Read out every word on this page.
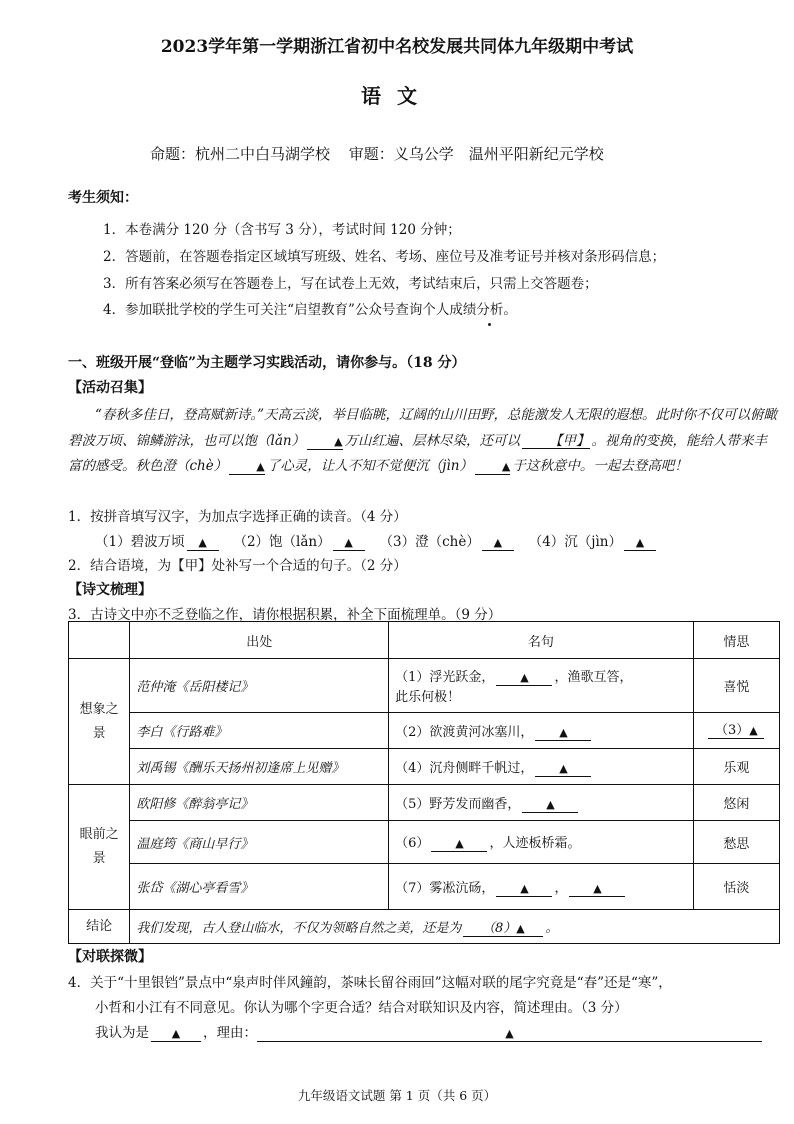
2023学年第一学期浙江省初中名校发展共同体九年级期中考试
语文
命题：杭州二中白马湖学校 审题：义乌公学　温州平阳新纪元学校
考生须知：
1．本卷满分 120 分（含书写 3 分），考试时间 120 分钟；
2．答题前，在答题卷指定区域填写班级、姓名、考场、座位号及准考证号并核对条形码信息；
3．所有答案必须写在答题卷上，写在试卷上无效，考试结束后，只需上交答题卷；
4．参加联批学校的学生可关注“启望教育”公众号查询个人成绩分析。
一、班级开展“登临”为主题学习实践活动，请你参与。（18 分）
【活动召集】
“春秋多佳日，登高赋新诗。”天高云淡，举目临眺，辽阔的山川田野，总能激发人无限的遐想。此时你不仅可以俯瞰碧波万顷、锦鳞游泳，也可以饱（lǎn）	▲ 万山红遍、层林尽染，还可以 【甲】 。视角的变换，能给人带来丰富的感受。秋色澄（chè）	▲ 了心灵，让人不知不觉便沉（jìn）	▲ 于这秋意中。一起去登高吧！
1．按拼音填写汉字，为加点字选择正确的读音。（4 分）
（1）碧波万顷 ▲ （2）饱（lǎn） ▲ （3）澄（chè） ▲ （4）沉（jìn） ▲
2．结合语境，为【甲】处补写一个合适的句子。（2 分）
【诗文梳理】
3．古诗文中亦不乏登临之作，请你根据积累，补全下面梳理单。（9 分）
	出处	名句	情思
想象之景	范仲淹《岳阳楼记》	（1）浮光跃金， ▲ ，渔歌互答，
此乐何极！	喜悦
	李白《行路难》	（2）欲渡黄河冰塞川， ▲	（3）▲
	刘禹锡《酬乐天扬州初逢席上见赠》	（4）沉舟侧畔千帆过， ▲	乐观
眼前之景	欧阳修《醉翁亭记》	（5）野芳发而幽香， ▲	悠闲
	温庭筠《商山早行》	（6） ▲ ，人迹板桥霜。	愁思
	张岱《湖心亭看雪》	（7）雾凇沆砀， ▲ ， ▲	恬淡
结论	我们发现，古人登山临水，不仅为领略自然之美，还是为 （8）▲ 。		
【对联探微】
4．关于“十里银铛”景点中“泉声时伴风鐘韵，茶味长留谷雨回”这幅对联的尾字究竟是“春”还是“寒”，
小哲和小江有不同意见。你认为哪个字更合适？结合对联知识及内容，简述理由。（3 分）
我认为是 ▲ ，理由：	▲
九年级语文试题 第 1 页（共 6 页）
